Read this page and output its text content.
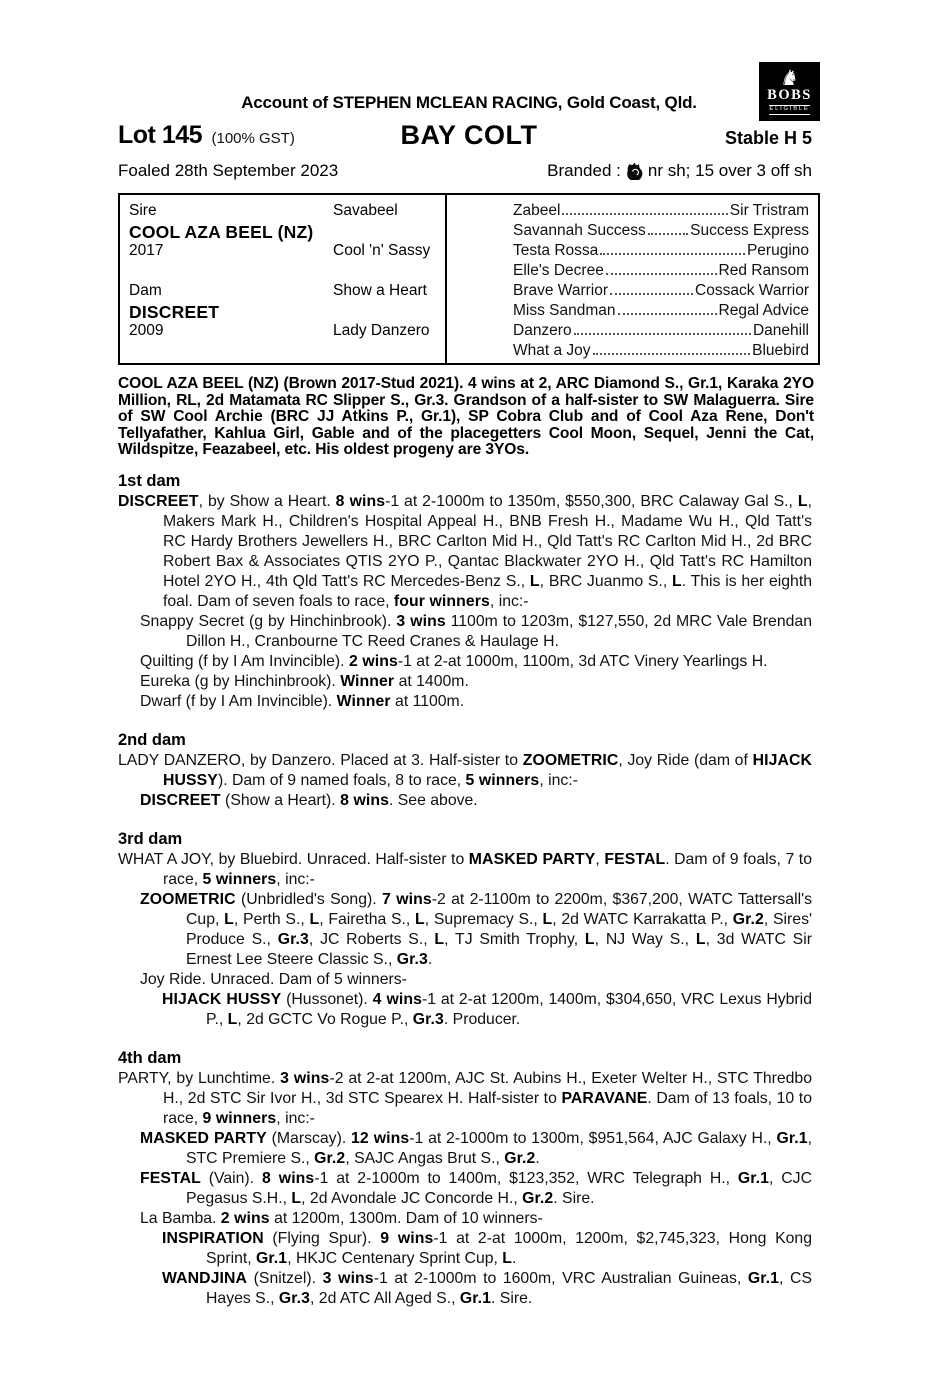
♞
BOBS
ELIGIBLE
Account of STEPHEN MCLEAN RACING, Gold Coast, Qld.
Lot 145 (100% GST)	BAY COLT	Stable H 5
Foaled 28th September 2023	Branded : nr sh; 15 over 3 off sh
Sire	Savabeel
COOL AZA BEEL (NZ)
2017	Cool 'n' Sassy
Dam	Show a Heart
DISCREET
2009	Lady Danzero
Zabeel	Sir Tristram
Savannah Success	Success Express
Testa Rossa	Perugino
Elle's Decree	Red Ransom
Brave Warrior	Cossack Warrior
Miss Sandman	Regal Advice
Danzero	Danehill
What a Joy	Bluebird

COOL AZA BEEL (NZ) (Brown 2017-Stud 2021). 4 wins at 2, ARC Diamond S., Gr.1, Karaka 2YO Million, RL, 2d Matamata RC Slipper S., Gr.3. Grandson of a half-sister to SW Malaguerra. Sire of SW Cool Archie (BRC JJ Atkins P., Gr.1), SP Cobra Club and of Cool Aza Rene, Don't Tellyafather, Kahlua Girl, Gable and of the placegetters Cool Moon, Sequel, Jenni the Cat, Wildspitze, Feazabeel, etc. His oldest progeny are 3YOs.

1st dam

DISCREET, by Show a Heart. 8 wins-1 at 2-1000m to 1350m, $550,300, BRC Calaway Gal S., L, Makers Mark H., Children's Hospital Appeal H., BNB Fresh H., Madame Wu H., Qld Tatt's RC Hardy Brothers Jewellers H., BRC Carlton Mid H., Qld Tatt's RC Carlton Mid H., 2d BRC Robert Bax & Associates QTIS 2YO P., Qantac Blackwater 2YO H., Qld Tatt's RC Hamilton Hotel 2YO H., 4th Qld Tatt's RC Mercedes-Benz S., L, BRC Juanmo S., L. This is her eighth foal. Dam of seven foals to race, four winners, inc:-

Snappy Secret (g by Hinchinbrook). 3 wins 1100m to 1203m, $127,550, 2d MRC Vale Brendan Dillon H., Cranbourne TC Reed Cranes & Haulage H.

Quilting (f by I Am Invincible). 2 wins-1 at 2-at 1000m, 1100m, 3d ATC Vinery Yearlings H.

Eureka (g by Hinchinbrook). Winner at 1400m.

Dwarf (f by I Am Invincible). Winner at 1100m.

2nd dam

LADY DANZERO, by Danzero. Placed at 3. Half-sister to ZOOMETRIC, Joy Ride (dam of HIJACK HUSSY). Dam of 9 named foals, 8 to race, 5 winners, inc:-

DISCREET (Show a Heart). 8 wins. See above.

3rd dam

WHAT A JOY, by Bluebird. Unraced. Half-sister to MASKED PARTY, FESTAL. Dam of 9 foals, 7 to race, 5 winners, inc:-

ZOOMETRIC (Unbridled's Song). 7 wins-2 at 2-1100m to 2200m, $367,200, WATC Tattersall's Cup, L, Perth S., L, Fairetha S., L, Supremacy S., L, 2d WATC Karrakatta P., Gr.2, Sires' Produce S., Gr.3, JC Roberts S., L, TJ Smith Trophy, L, NJ Way S., L, 3d WATC Sir Ernest Lee Steere Classic S., Gr.3.

Joy Ride. Unraced. Dam of 5 winners-

HIJACK HUSSY (Hussonet). 4 wins-1 at 2-at 1200m, 1400m, $304,650, VRC Lexus Hybrid P., L, 2d GCTC Vo Rogue P., Gr.3. Producer.

4th dam

PARTY, by Lunchtime. 3 wins-2 at 2-at 1200m, AJC St. Aubins H., Exeter Welter H., STC Thredbo H., 2d STC Sir Ivor H., 3d STC Spearex H. Half-sister to PARAVANE. Dam of 13 foals, 10 to race, 9 winners, inc:-

MASKED PARTY (Marscay). 12 wins-1 at 2-1000m to 1300m, $951,564, AJC Galaxy H., Gr.1, STC Premiere S., Gr.2, SAJC Angas Brut S., Gr.2.

FESTAL (Vain). 8 wins-1 at 2-1000m to 1400m, $123,352, WRC Telegraph H., Gr.1, CJC Pegasus S.H., L, 2d Avondale JC Concorde H., Gr.2. Sire.

La Bamba. 2 wins at 1200m, 1300m. Dam of 10 winners-

INSPIRATION (Flying Spur). 9 wins-1 at 2-at 1000m, 1200m, $2,745,323, Hong Kong Sprint, Gr.1, HKJC Centenary Sprint Cup, L.

WANDJINA (Snitzel). 3 wins-1 at 2-1000m to 1600m, VRC Australian Guineas, Gr.1, CS Hayes S., Gr.3, 2d ATC All Aged S., Gr.1. Sire.
